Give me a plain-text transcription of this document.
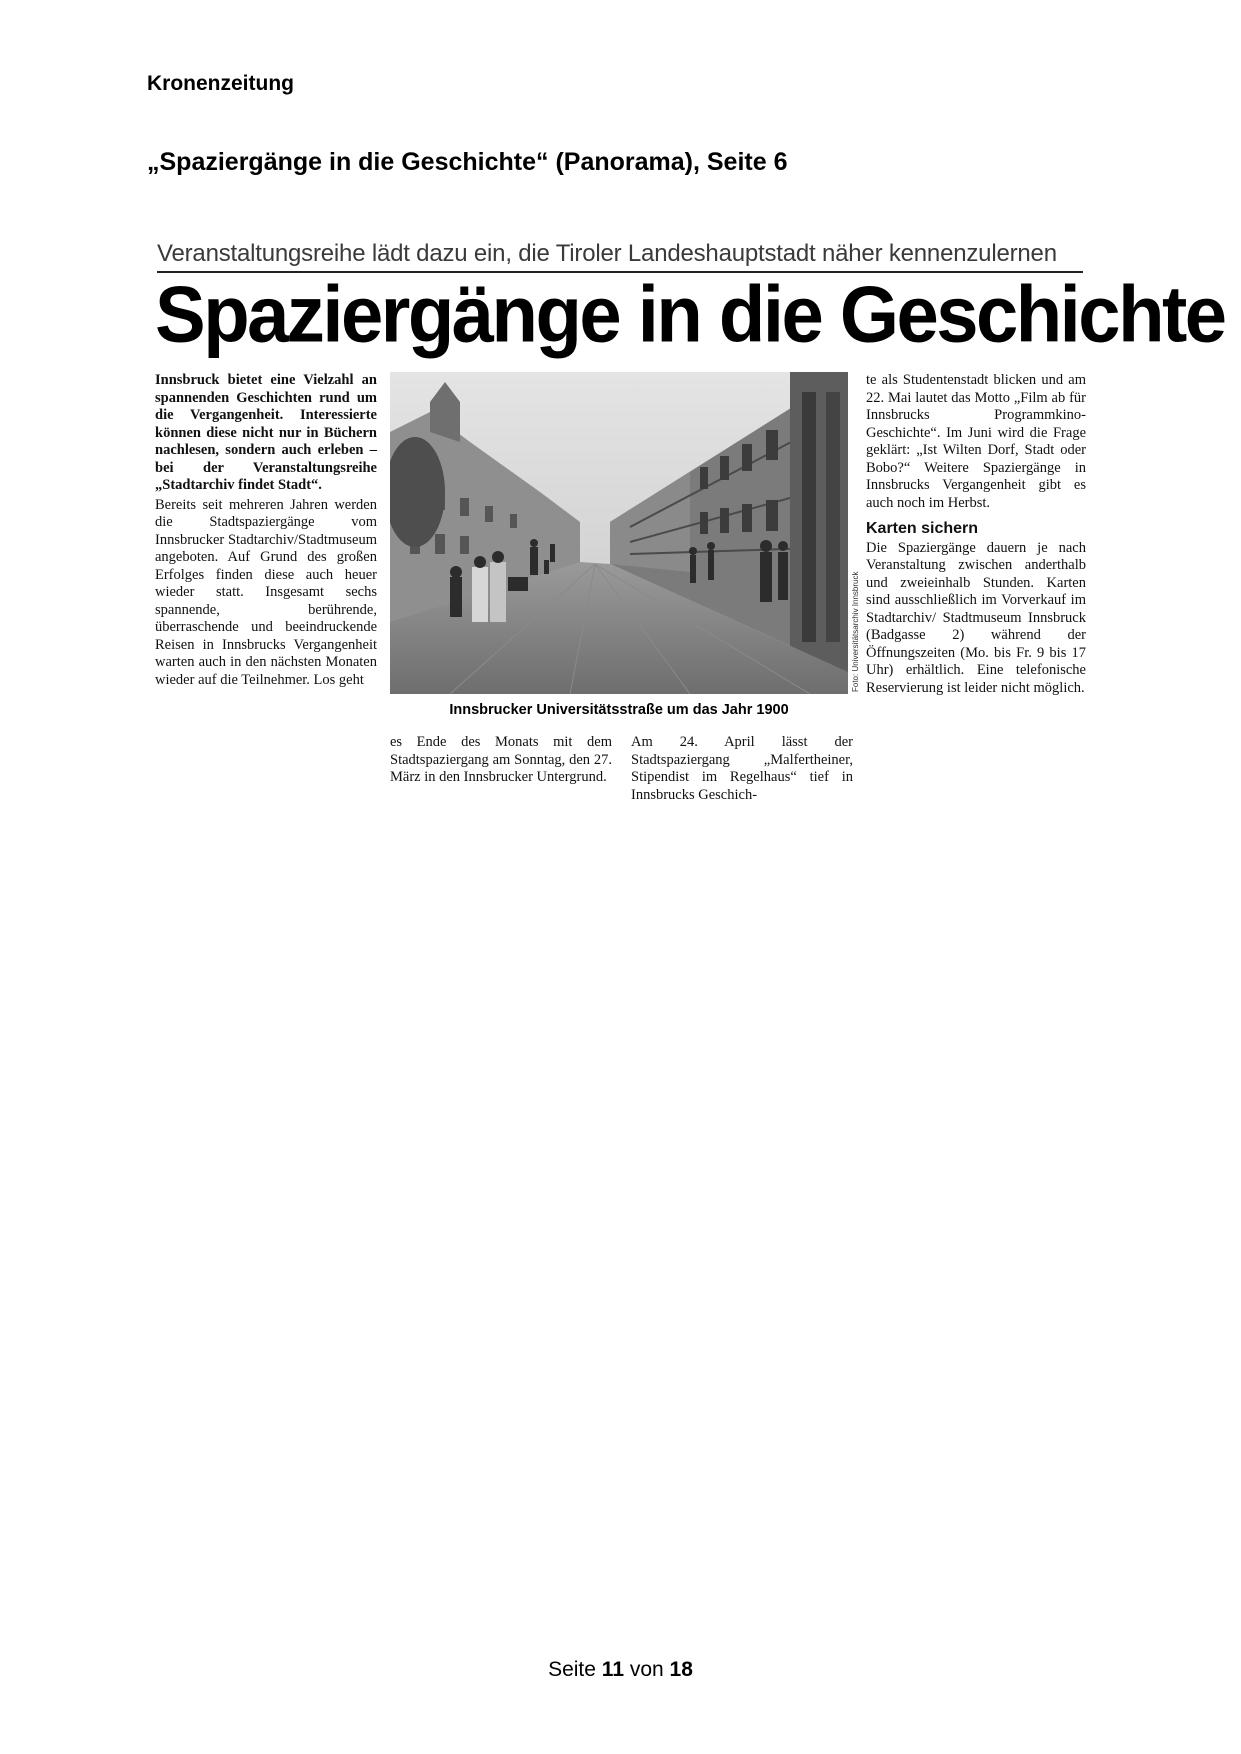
Kronenzeitung
„Spaziergänge in die Geschichte“ (Panorama), Seite 6
Veranstaltungsreihe lädt dazu ein, die Tiroler Landeshauptstadt näher kennenzulernen
Spaziergänge in die Geschichte

Innsbruck bietet eine Vielzahl an spannenden Geschichten rund um die Vergangenheit. Interessierte können diese nicht nur in Büchern nachlesen, sondern auch erleben – bei der Veranstaltungsreihe „Stadtarchiv findet Stadt“.

Bereits seit mehreren Jahren werden die Stadtspaziergänge vom Innsbrucker Stadtarchiv/Stadtmuseum angeboten. Auf Grund des großen Erfolges finden diese auch heuer wieder statt. Insgesamt sechs spannende, berührende, überraschende und beeindruckende Reisen in Innsbrucks Vergangenheit warten auch in den nächsten Monaten wieder auf die Teilnehmer. Los geht	Foto: Universitätsarchiv Innsbruck
Innsbrucker Universitätsstraße um das Jahr 1900

es Ende des Monats mit dem Stadtspaziergang am Sonntag, den 27. März in den Innsbrucker Untergrund.

Am 24. April lässt der Stadtspaziergang „Malfertheiner, Stipendist im Regelhaus“ tief in Innsbrucks Geschich-

te als Studentenstadt blicken und am 22. Mai lautet das Motto „Film ab für Innsbrucks Programmkino-Geschichte“. Im Juni wird die Frage geklärt: „Ist Wilten Dorf, Stadt oder Bobo?“ Weitere Spaziergänge in Innsbrucks Vergangenheit gibt es auch noch im Herbst.

Karten sichern

Die Spaziergänge dauern je nach Veranstaltung zwischen anderthalb und zweieinhalb Stunden. Karten sind ausschließlich im Vorverkauf im Stadtarchiv/ Stadtmuseum Innsbruck (Badgasse 2) während der Öffnungszeiten (Mo. bis Fr. 9 bis 17 Uhr) erhältlich. Eine telefonische Reservierung ist leider nicht möglich.

Seite 11 von 18
